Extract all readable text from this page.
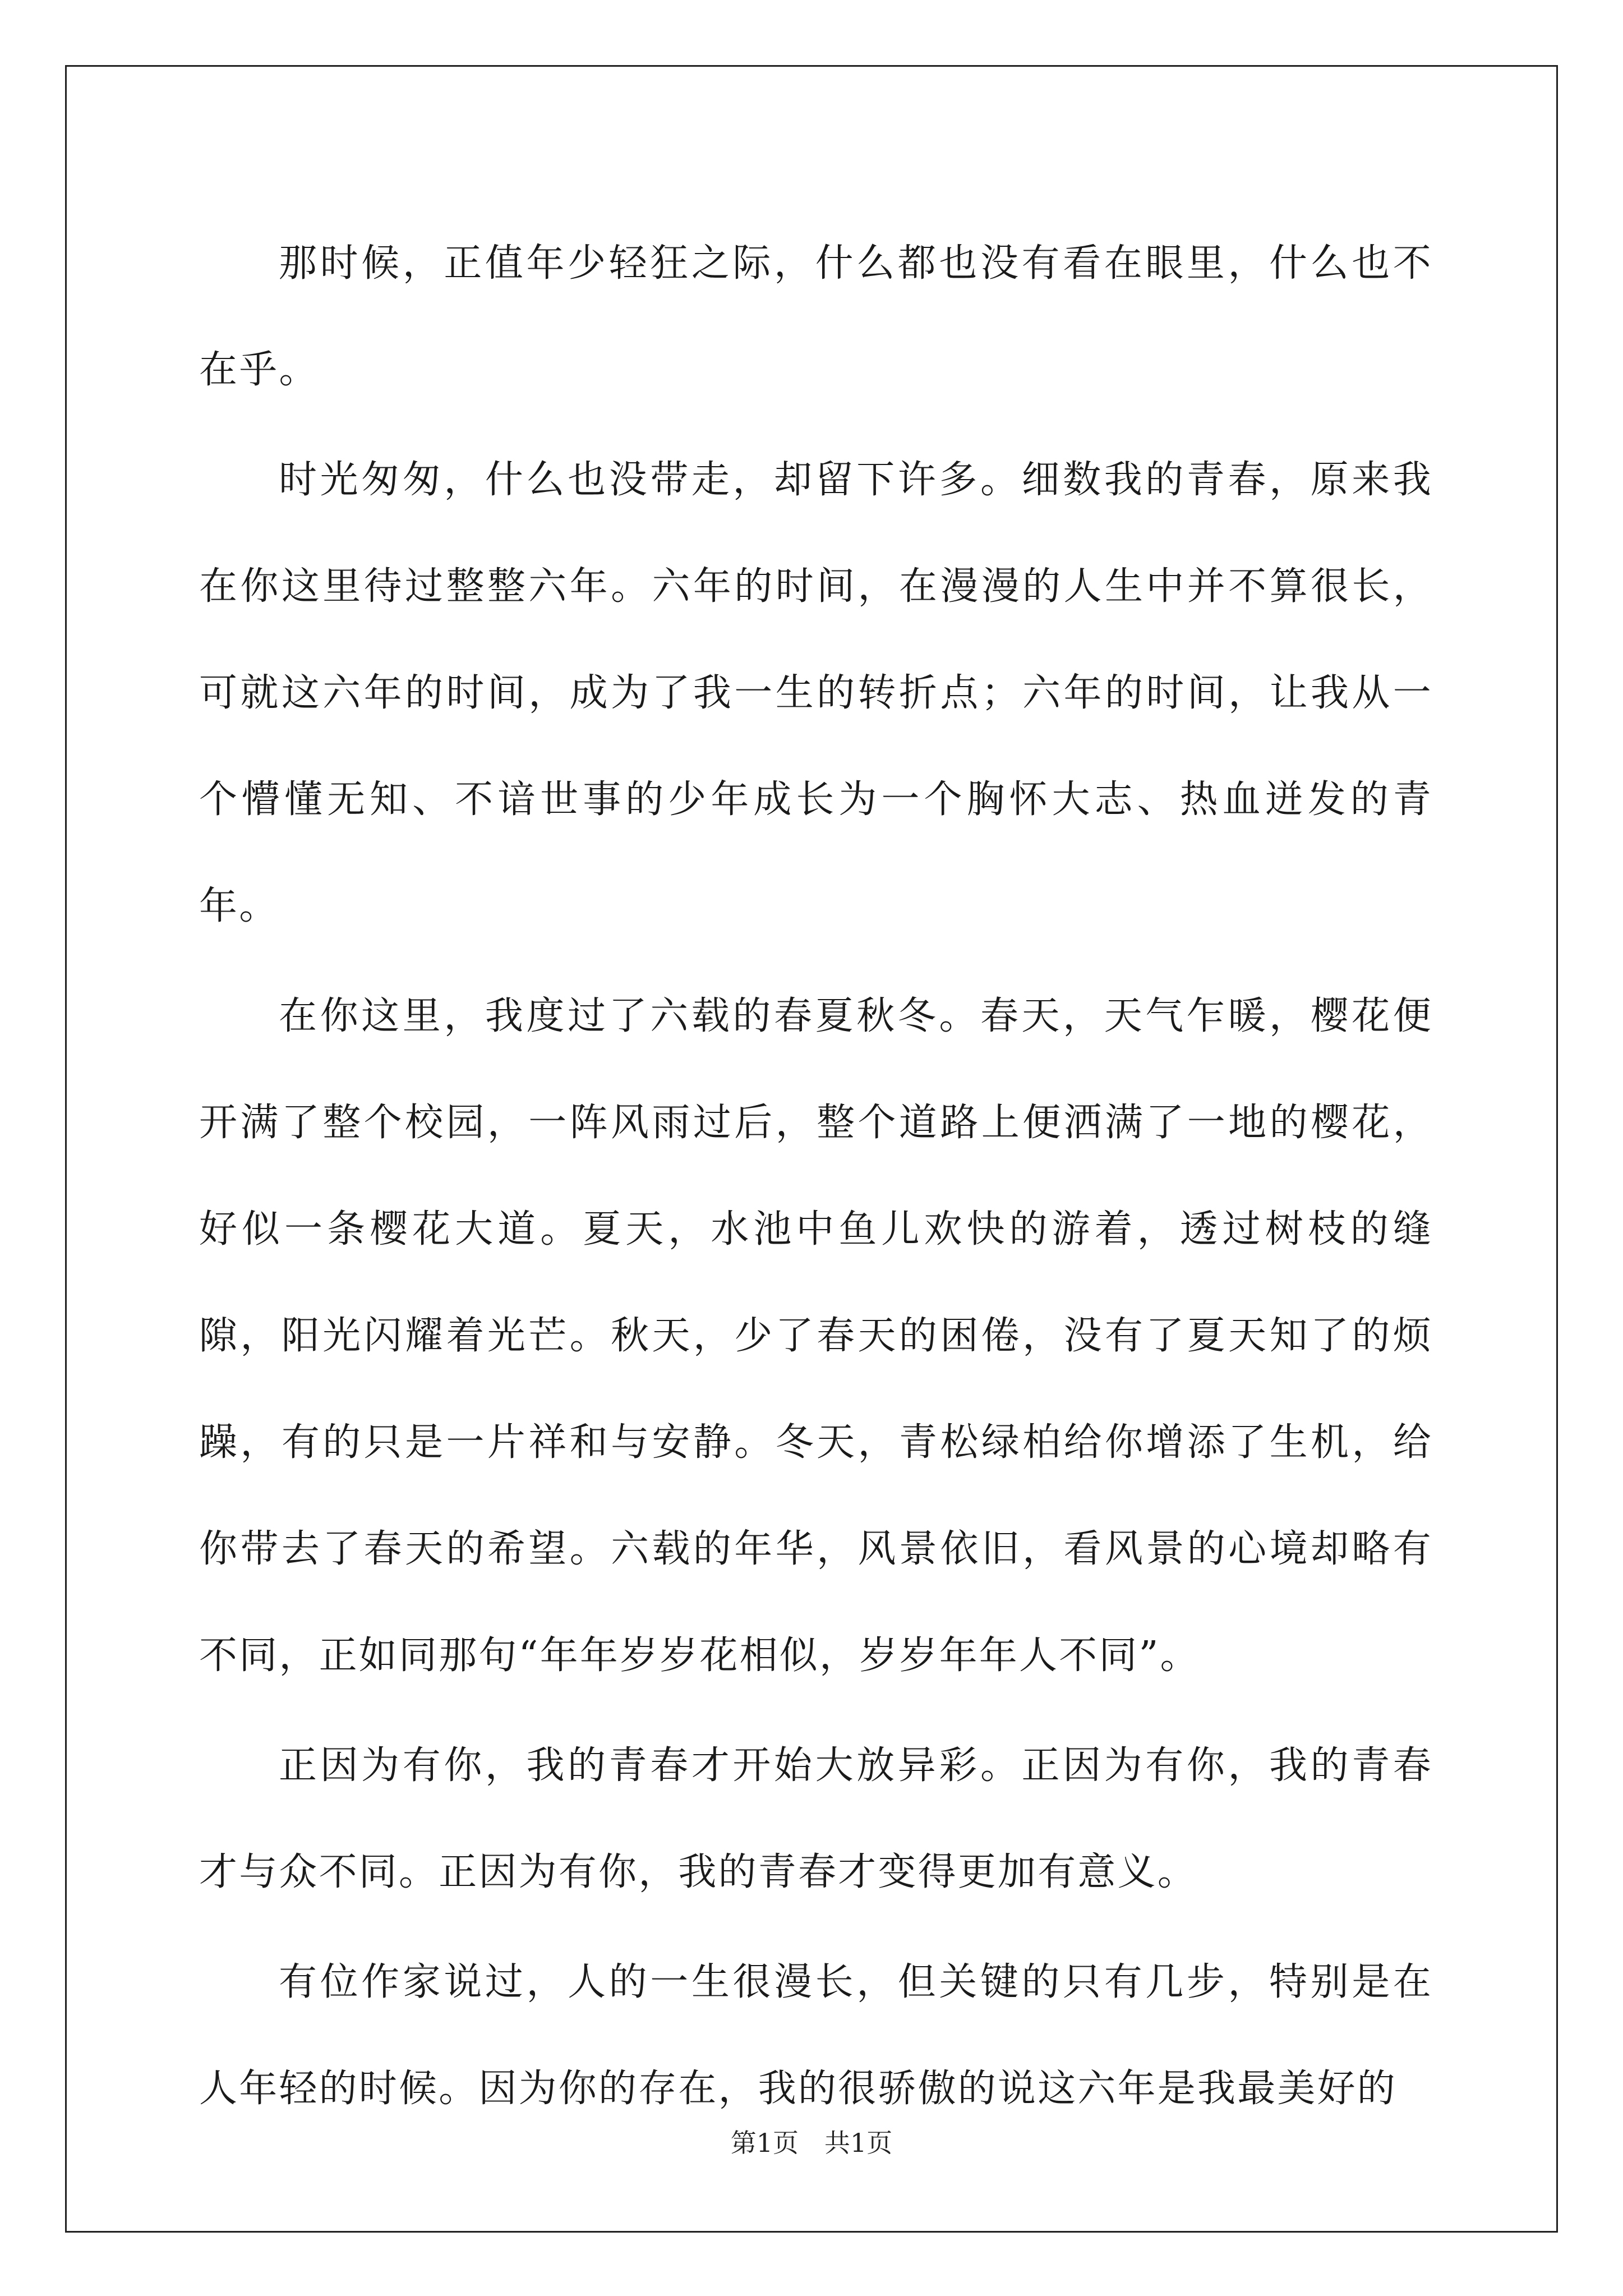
那时候，正值年少轻狂之际，什么都也没有看在眼里，什么也不在乎。

时光匆匆，什么也没带走，却留下许多。细数我的青春，原来我在你这里待过整整六年。六年的时间，在漫漫的人生中并不算很长，可就这六年的时间，成为了我一生的转折点；六年的时间，让我从一个懵懂无知、不谙世事的少年成长为一个胸怀大志、热血迸发的青年。

在你这里，我度过了六载的春夏秋冬。春天，天气乍暖，樱花便开满了整个校园，一阵风雨过后，整个道路上便洒满了一地的樱花，好似一条樱花大道。夏天，水池中鱼儿欢快的游着，透过树枝的缝隙，阳光闪耀着光芒。秋天，少了春天的困倦，没有了夏天知了的烦躁，有的只是一片祥和与安静。冬天，青松绿柏给你增添了生机，给你带去了春天的希望。六载的年华，风景依旧，看风景的心境却略有不同，正如同那句“年年岁岁花相似，岁岁年年人不同”。

正因为有你，我的青春才开始大放异彩。正因为有你，我的青春才与众不同。正因为有你，我的青春才变得更加有意义。

有位作家说过，人的一生很漫长，但关键的只有几步，特别是在人年轻的时候。因为你的存在，我的很骄傲的说这六年是我最美好的

第1页 共1页
